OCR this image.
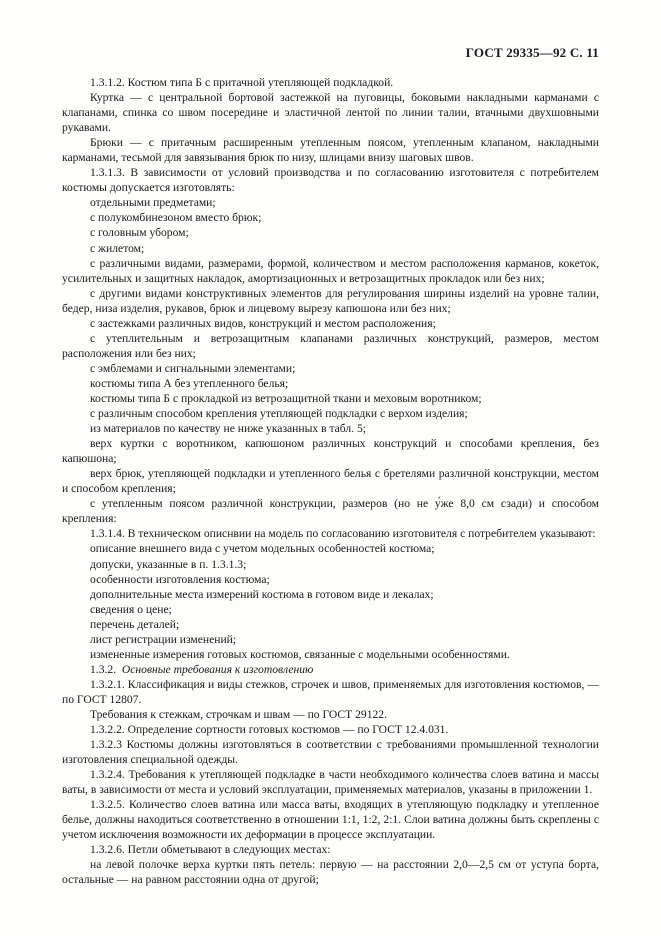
ГОСТ 29335—92 С. 11

1.3.1.2. Костюм типа Б с притачной утепляющей подкладкой.

Куртка — с центральной бортовой застежкой на пуговицы, боковыми накладными карманами с клапанами, спинка со швом посередине и эластичной лентой по линии талии, втачными двухшовными рукавами.

Брюки — с притачным расширенным утепленным поясом, утепленным клапаном, накладными карманами, тесьмой для завязывания брюк по низу, шлицами внизу шаговых швов.

1.3.1.3. В зависимости от условий производства и по согласованию изготовителя с потребителем костюмы допускается изготовлять:

отдельными предметами;

с полукомбинезоном вместо брюк;

с головным убором;

с жилетом;

с различными видами, размерами, формой, количеством и местом расположения карманов, кокеток, усилительных и защитных накладок, амортизационных и ветрозащитных прокладок или без них;

с другими видами конструктивных элементов для регулирования ширины изделий на уровне талии, бедер, низа изделия, рукавов, брюк и лицевому вырезу капюшона или без них;

с застежками различных видов, конструкций и местом расположения;

с утеплительным и ветрозащитным клапанами различных конструкций, размеров, местом расположения или без них;

с эмблемами и сигнальными элементами;

костюмы типа А без утепленного белья;

костюмы типа Б с прокладкой из ветрозащитной ткани и меховым воротником;

с различным способом крепления утепляющей подкладки с верхом изделия;

из материалов по качеству не ниже указанных в табл. 5;

верх куртки с воротником, капюшоном различных конструкций и способами крепления, без капюшона;

верх брюк, утепляющей подкладки и утепленного белья с бретелями различной конструкции, местом и способом крепления;

с утепленным поясом различной конструкции, размеров (но не у́же 8,0 см сзади) и способом крепления:

1.3.1.4. В техническом описнвии на модель по согласованию изготовителя с потребителем указывают:

описание внешнего вида с учетом модельных особенностей костюма;

допуски, указанные в п. 1.3.1.3;

особенности изготовления костюма;

дополнительные места измерений костюма в готовом виде и лекалах;

сведения о цене;

перечень деталей;

лист регистрации изменений;

измененные измерения готовых костюмов, связанные с модельными особенностями.

1.3.2. Основные требования к изготовлению

1.3.2.1. Классификация и виды стежков, строчек и швов, применяемых для изготовления костюмов, — по ГОСТ 12807.

Требования к стежкам, строчкам и швам — по ГОСТ 29122.

1.3.2.2. Определение сортности готовых костюмов — по ГОСТ 12.4.031.

1.3.2.3 Костюмы должны изготовляться в соответствии с требованиями промышленной технологии изготовления специальной одежды.

1.3.2.4. Требования к утепляющей подкладке в части необходимого количества слоев ватина и массы ваты, в зависимости от места и условий эксплуатации, применяемых материалов, указаны в приложении 1.

1.3.2.5. Количество слоев ватина или масса ваты, входящих в утепляющую подкладку и утепленное белье, должны находиться соответственно в отношении 1:1, 1:2, 2:1. Слои ватина должны быть скреплены с учетом исключения возможности их деформации в процессе эксплуатации.

1.3.2.6. Петли обметывают в следующих местах:

на левой полочке верха куртки пять петель: первую — на расстоянии 2,0—2,5 см от уступа борта, остальные — на равном расстоянии одна от другой;
